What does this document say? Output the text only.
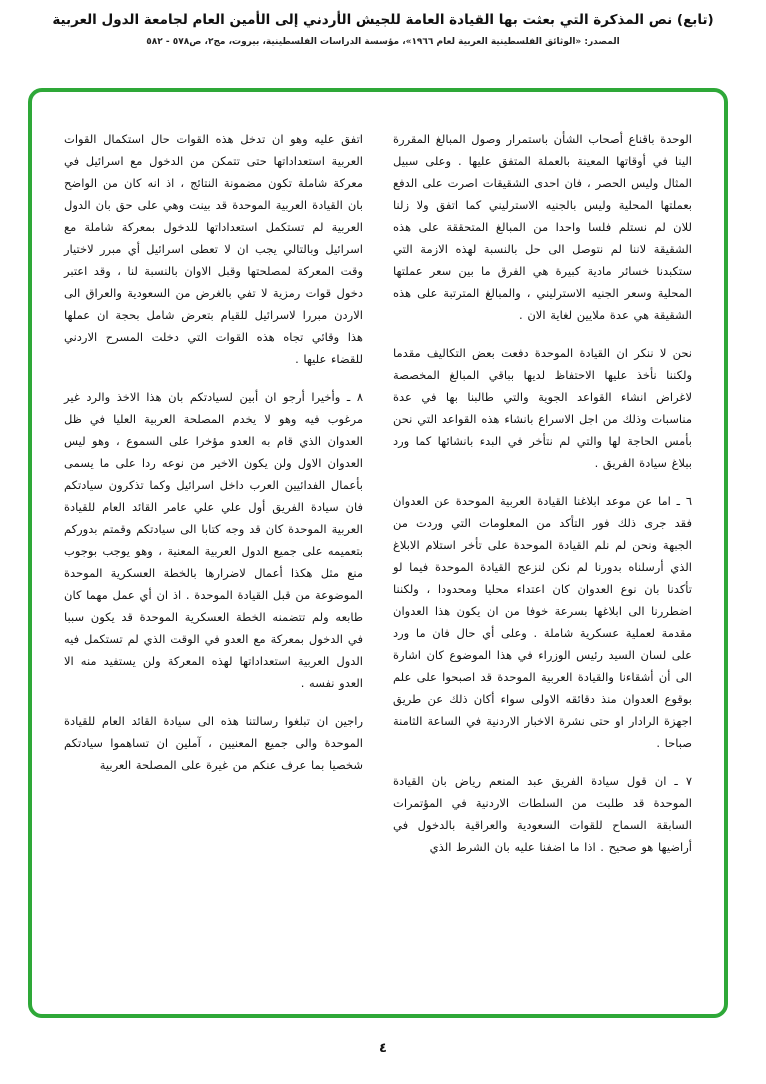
(تابع) نص المذكرة التي بعثت بها القيادة العامة للجيش الأردني إلى الأمين العام لجامعة الدول العربية
المصدر: «الوثائق الفلسطينية العربية لعام ١٩٦٦»، مؤسسة الدراسات الفلسطينية، بيروت، مج٢، ص٥٧٨ - ٥٨٢

الوحدة باقناع أصحاب الشأن باستمرار وصول المبالغ المقررة الينا في أوقاتها المعينة بالعملة المتفق عليها . وعلى سبيل المثال وليس الحصر ، فان احدى الشقيقات اصرت على الدفع بعملتها المحلية وليس بالجنيه الاسترليني كما اتفق ولا زلنا للان لم نستلم فلسا واحدا من المبالغ المتحققة على هذه الشقيقة لاننا لم نتوصل الى حل بالنسبة لهذه الازمة التي ستكبدنا خسائر مادية كبيرة هي الفرق ما بين سعر عملتها المحلية وسعر الجنيه الاسترليني ، والمبالغ المترتبة على هذه الشقيقة هي عدة ملايين لغاية الان .

نحن لا ننكر ان القيادة الموحدة دفعت بعض التكاليف مقدما ولكننا نأخذ عليها الاحتفاظ لديها بباقي المبالغ المخصصة لاغراض انشاء القواعد الجوية والتي طالبنا بها في عدة مناسبات وذلك من اجل الاسراع بانشاء هذه القواعد التي نحن بأمس الحاجة لها والتي لم نتأخر في البدء بانشائها كما ورد ببلاغ سيادة الفريق .

٦ ـ اما عن موعد ابلاغنا القيادة العربية الموحدة عن العدوان فقد جرى ذلك فور التأكد من المعلومات التي وردت من الجبهة ونحن لم نلم القيادة الموحدة على تأخر استلام الابلاغ الذي أرسلناه بدورنا لم نكن لنزعج القيادة الموحدة فيما لو تأكدنا بان نوع العدوان كان اعتداء محليا ومحدودا ، ولكننا اضطررنا الى ابلاغها بسرعة خوفا من ان يكون هذا العدوان مقدمة لعملية عسكرية شاملة . وعلى أي حال فان ما ورد على لسان السيد رئيس الوزراء في هذا الموضوع كان اشارة الى أن أشقاءنا والقيادة العربية الموحدة قد اصبحوا على علم بوقوع العدوان منذ دقائقه الاولى سواء أكان ذلك عن طريق اجهزة الرادار او حتى نشرة الاخبار الاردنية في الساعة الثامنة صباحا .

٧ ـ ان قول سيادة الفريق عبد المنعم رياض بان القيادة الموحدة قد طلبت من السلطات الاردنية في المؤتمرات السابقة السماح للقوات السعودية والعراقية بالدخول في أراضيها هو صحيح . اذا ما اضفنا عليه بان الشرط الذي

اتفق عليه وهو ان تدخل هذه القوات حال استكمال القوات العربية استعداداتها حتى تتمكن من الدخول مع اسرائيل في معركة شاملة تكون مضمونة النتائج ، اذ انه كان من الواضح بان القيادة العربية الموحدة قد بينت وهي على حق بان الدول العربية لم تستكمل استعداداتها للدخول بمعركة شاملة مع اسرائيل وبالتالي يجب ان لا تعطى اسرائيل أي مبرر لاختيار وقت المعركة لمصلحتها وقبل الاوان بالنسبة لنا ، وقد اعتبر دخول قوات رمزية لا تفي بالغرض من السعودية والعراق الى الاردن مبررا لاسرائيل للقيام بتعرض شامل بحجة ان عملها هذا وقائي تجاه هذه القوات التي دخلت المسرح الاردني للقضاء عليها .

٨ ـ وأخيرا أرجو ان أبين لسيادتكم بان هذا الاخذ والرد غير مرغوب فيه وهو لا يخدم المصلحة العربية العليا في ظل العدوان الذي قام به العدو مؤخرا على السموع ، وهو ليس العدوان الاول ولن يكون الاخير من نوعه ردا على ما يسمى بأعمال الفدائيين العرب داخل اسرائيل وكما تذكرون سيادتكم فان سيادة الفريق أول علي علي عامر القائد العام للقيادة العربية الموحدة كان قد وجه كتابا الى سيادتكم وقمتم بدوركم بتعميمه على جميع الدول العربية المعنية ، وهو يوجب بوجوب منع مثل هكذا أعمال لاضرارها بالخطة العسكرية الموحدة الموضوعة من قبل القيادة الموحدة . اذ ان أي عمل مهما كان طابعه ولم تتضمنه الخطة العسكرية الموحدة قد يكون سببا في الدخول بمعركة مع العدو في الوقت الذي لم تستكمل فيه الدول العربية استعداداتها لهذه المعركة ولن يستفيد منه الا العدو نفسه .

راجين ان تبلغوا رسالتنا هذه الى سيادة القائد العام للقيادة الموحدة والى جميع المعنيين ، آملين ان تساهموا سيادتكم شخصيا بما عرف عنكم من غيرة على المصلحة العربية

٤
